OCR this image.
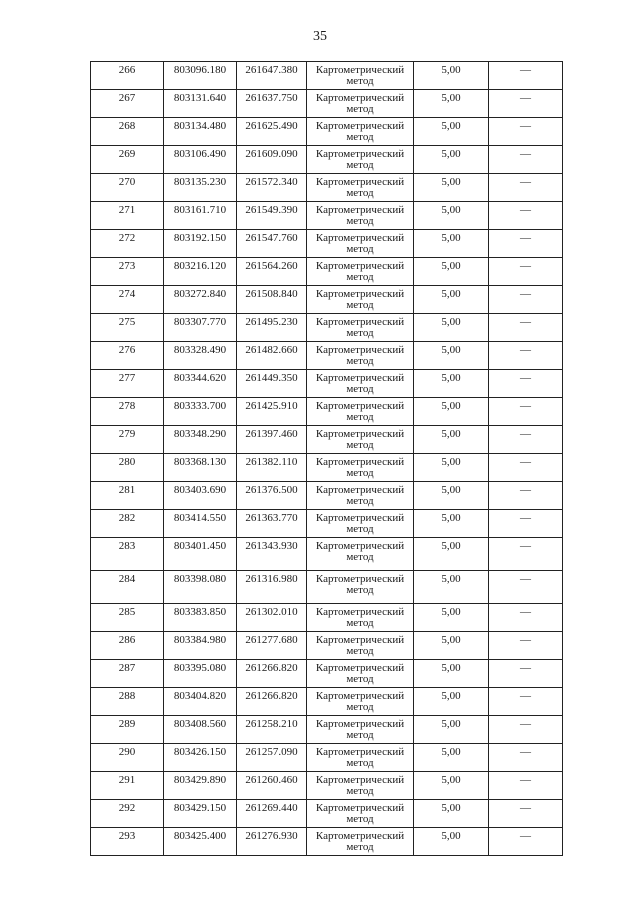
35
266	803096.180	261647.380	Картометрический метод	5,00	—
267	803131.640	261637.750	Картометрический метод	5,00	—
268	803134.480	261625.490	Картометрический метод	5,00	—
269	803106.490	261609.090	Картометрический метод	5,00	—
270	803135.230	261572.340	Картометрический метод	5,00	—
271	803161.710	261549.390	Картометрический метод	5,00	—
272	803192.150	261547.760	Картометрический метод	5,00	—
273	803216.120	261564.260	Картометрический метод	5,00	—
274	803272.840	261508.840	Картометрический метод	5,00	—
275	803307.770	261495.230	Картометрический метод	5,00	—
276	803328.490	261482.660	Картометрический метод	5,00	—
277	803344.620	261449.350	Картометрический метод	5,00	—
278	803333.700	261425.910	Картометрический метод	5,00	—
279	803348.290	261397.460	Картометрический метод	5,00	—
280	803368.130	261382.110	Картометрический метод	5,00	—
281	803403.690	261376.500	Картометрический метод	5,00	—
282	803414.550	261363.770	Картометрический метод	5,00	—
283	803401.450	261343.930	Картометрический метод	5,00	—
284	803398.080	261316.980	Картометрический метод	5,00	—
285	803383.850	261302.010	Картометрический метод	5,00	—
286	803384.980	261277.680	Картометрический метод	5,00	—
287	803395.080	261266.820	Картометрический метод	5,00	—
288	803404.820	261266.820	Картометрический метод	5,00	—
289	803408.560	261258.210	Картометрический метод	5,00	—
290	803426.150	261257.090	Картометрический метод	5,00	—
291	803429.890	261260.460	Картометрический метод	5,00	—
292	803429.150	261269.440	Картометрический метод	5,00	—
293	803425.400	261276.930	Картометрический метод	5,00	—
